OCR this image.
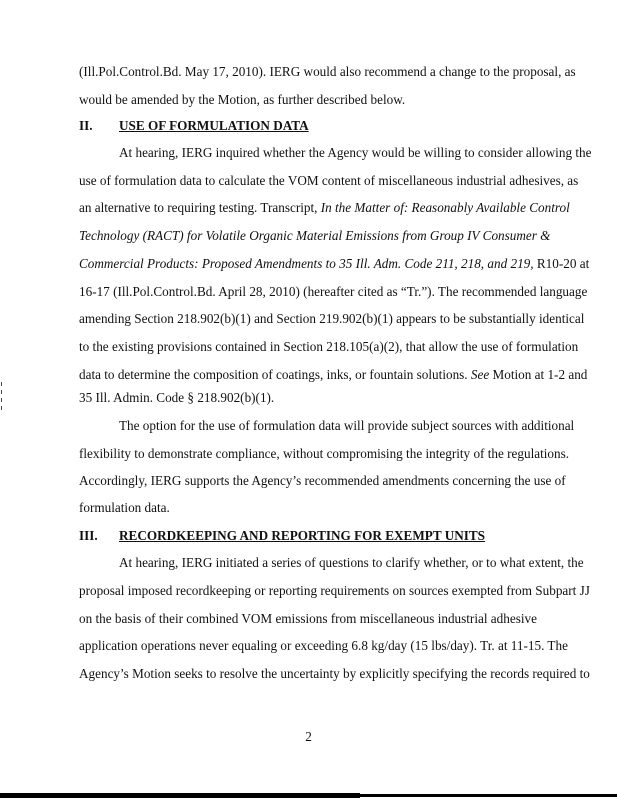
(Ill.Pol.Control.Bd. May 17, 2010). IERG would also recommend a change to the proposal, as
would be amended by the Motion, as further described below.
II. USE OF FORMULATION DATA
At hearing, IERG inquired whether the Agency would be willing to consider allowing the
use of formulation data to calculate the VOM content of miscellaneous industrial adhesives, as
an alternative to requiring testing. Transcript, In the Matter of: Reasonably Available Control
Technology (RACT) for Volatile Organic Material Emissions from Group IV Consumer &
Commercial Products: Proposed Amendments to 35 Ill. Adm. Code 211, 218, and 219, R10-20 at
16-17 (Ill.Pol.Control.Bd. April 28, 2010) (hereafter cited as “Tr.”). The recommended language
amending Section 218.902(b)(1) and Section 219.902(b)(1) appears to be substantially identical
to the existing provisions contained in Section 218.105(a)(2), that allow the use of formulation
data to determine the composition of coatings, inks, or fountain solutions. See Motion at 1-2 and
35 Ill. Admin. Code § 218.902(b)(1).
The option for the use of formulation data will provide subject sources with additional
flexibility to demonstrate compliance, without compromising the integrity of the regulations.
Accordingly, IERG supports the Agency’s recommended amendments concerning the use of
formulation data.
III. RECORDKEEPING AND REPORTING FOR EXEMPT UNITS
At hearing, IERG initiated a series of questions to clarify whether, or to what extent, the
proposal imposed recordkeeping or reporting requirements on sources exempted from Subpart JJ
on the basis of their combined VOM emissions from miscellaneous industrial adhesive
application operations never equaling or exceeding 6.8 kg/day (15 lbs/day). Tr. at 11-15. The
Agency’s Motion seeks to resolve the uncertainty by explicitly specifying the records required to
2
